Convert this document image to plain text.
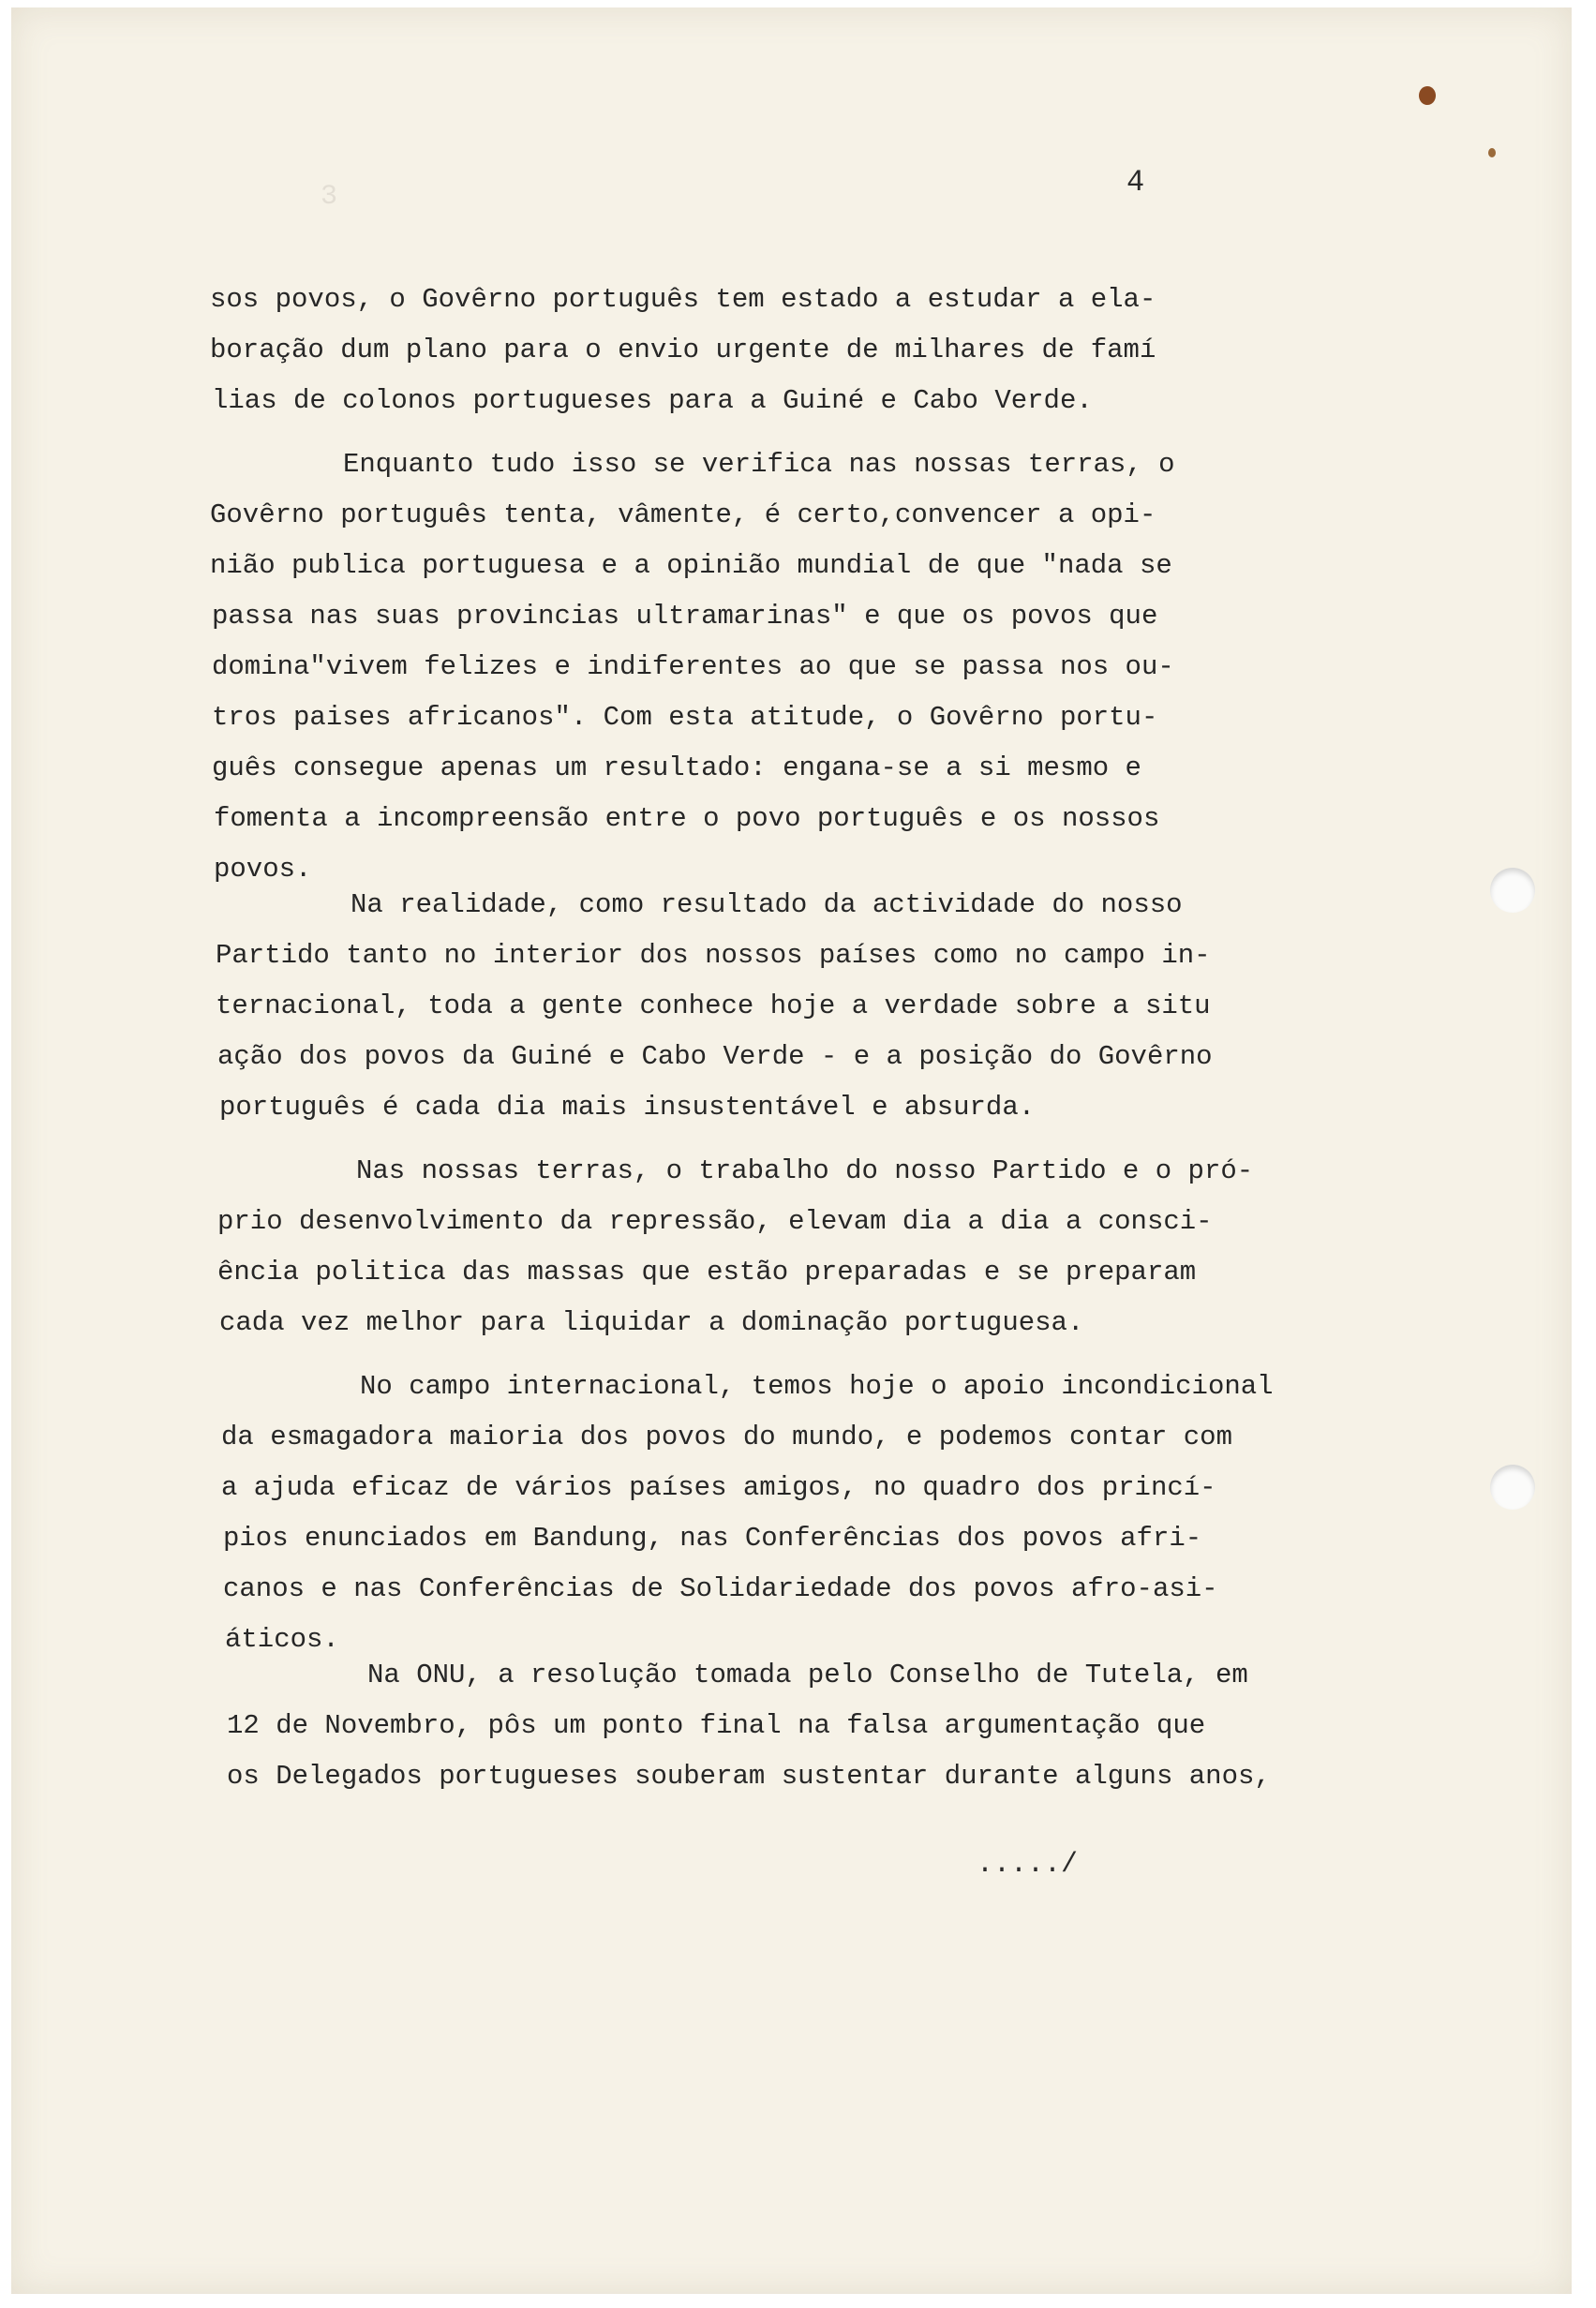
3	4
sos povos, o Govêrno português tem estado a estudar a ela-
boração dum plano para o envio urgente de milhares de famí
lias de colonos portugueses para a Guiné e Cabo Verde.
Enquanto tudo isso se verifica nas nossas terras, o
Govêrno português tenta, vâmente, é certo,convencer a opi-
nião publica portuguesa e a opinião mundial de que "nada se
passa nas suas provincias ultramarinas" e que os povos que
domina"vivem felizes e indiferentes ao que se passa nos ou-
tros paises africanos". Com esta atitude, o Govêrno portu-
guês consegue apenas um resultado: engana-se a si mesmo e
fomenta a incompreensão entre o povo português e os nossos
povos.
Na realidade, como resultado da actividade do nosso
Partido tanto no interior dos nossos países como no campo in-
ternacional, toda a gente conhece hoje a verdade sobre a situ
ação dos povos da Guiné e Cabo Verde - e a posição do Govêrno
português é cada dia mais insustentável e absurda.
Nas nossas terras, o trabalho do nosso Partido e o pró-
prio desenvolvimento da repressão, elevam dia a dia a consci-
ência politica das massas que estão preparadas e se preparam
cada vez melhor para liquidar a dominação portuguesa.
No campo internacional, temos hoje o apoio incondicional
da esmagadora maioria dos povos do mundo, e podemos contar com
a ajuda eficaz de vários países amigos, no quadro dos princí-
pios enunciados em Bandung, nas Conferências dos povos afri-
canos e nas Conferências de Solidariedade dos povos afro-asi-
áticos.
Na ONU, a resolução tomada pelo Conselho de Tutela, em
12 de Novembro, pôs um ponto final na falsa argumentação que
os Delegados portugueses souberam sustentar durante alguns anos,
...../
